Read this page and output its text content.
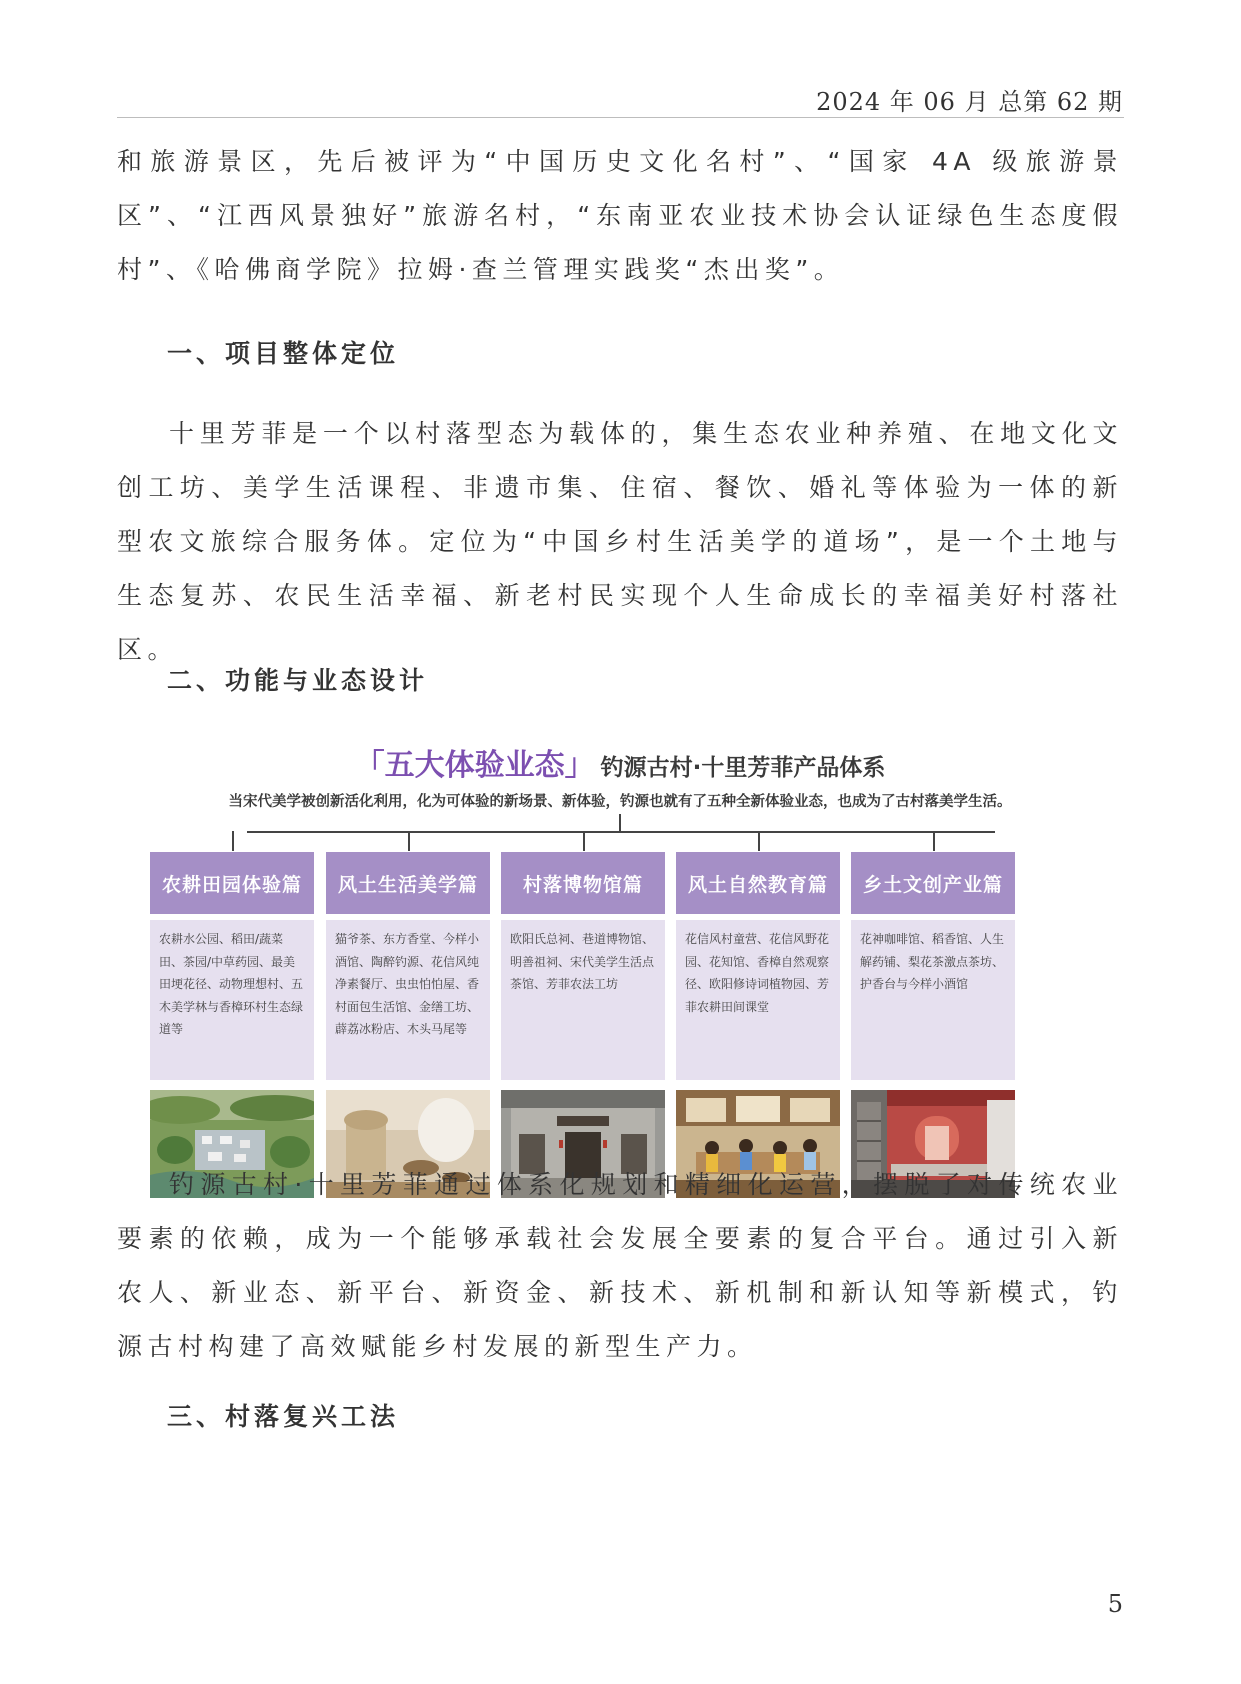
2024 年 06 月 总第 62 期

和旅游景区，先后被评为“中国历史文化名村”、“国家 4A 级旅游景区”、“江西风景独好”旅游名村，“东南亚农业技术协会认证绿色生态度假村”、《哈佛商学院》拉姆·查兰管理实践奖“杰出奖”。

一、项目整体定位

十里芳菲是一个以村落型态为载体的，集生态农业种养殖、在地文化文创工坊、美学生活课程、非遗市集、住宿、餐饮、婚礼等体验为一体的新型农文旅综合服务体。定位为“中国乡村生活美学的道场”，是一个土地与生态复苏、农民生活幸福、新老村民实现个人生命成长的幸福美好村落社区。

二、功能与业态设计
「五大体验业态」 钓源古村·十里芳菲产品体系
当宋代美学被创新活化利用，化为可体验的新场景、新体验，钓源也就有了五种全新体验业态，也成为了古村落美学生活。
农耕田园体验篇
农耕水公园、稻田/蔬菜田、茶园/中草药园、最美田埂花径、动物理想村、五木美学林与香樟环村生态绿道等
风土生活美学篇
猫爷茶、东方香堂、今样小酒馆、陶醉钓源、花信风纯净素餐厅、虫虫怕怕屋、香村面包生活馆、金缮工坊、薜荔冰粉店、木头马尾等
村落博物馆篇
欧阳氏总祠、巷道博物馆、明善祖祠、宋代美学生活点茶馆、芳菲农法工坊
风土自然教育篇
花信风村童营、花信风野花园、花知馆、香樟自然观察径、欧阳修诗词植物园、芳菲农耕田间课堂
乡土文创产业篇
花神咖啡馆、稻香馆、人生解药铺、梨花茶激点茶坊、护香台与今样小酒馆

钓源古村·十里芳菲通过体系化规划和精细化运营，摆脱了对传统农业要素的依赖，成为一个能够承载社会发展全要素的复合平台。通过引入新农人、新业态、新平台、新资金、新技术、新机制和新认知等新模式，钓源古村构建了高效赋能乡村发展的新型生产力。

三、村落复兴工法
5
